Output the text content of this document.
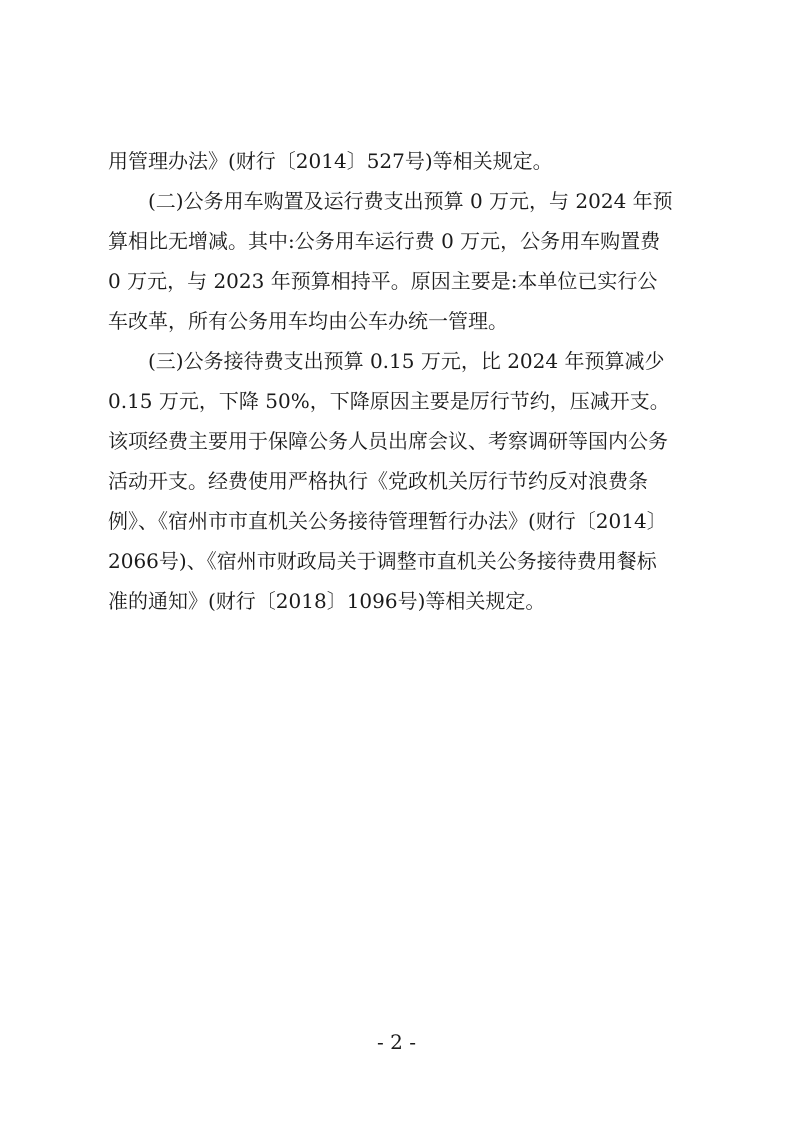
用管理办法》(财行〔2014〕527号)等相关规定。

(二)公务用车购置及运行费支出预算 0 万元，与 2024 年预
算相比无增减。其中:公务用车运行费 0 万元，公务用车购置费
0 万元，与 2023 年预算相持平。原因主要是:本单位已实行公
车改革，所有公务用车均由公车办统一管理。

(三)公务接待费支出预算 0.15 万元，比 2024 年预算减少
0.15 万元，下降 50%，下降原因主要是厉行节约，压减开支。
该项经费主要用于保障公务人员出席会议、考察调研等国内公务
活动开支。经费使用严格执行《党政机关厉行节约反对浪费条
例》、《宿州市市直机关公务接待管理暂行办法》(财行〔2014〕
2066号)、《宿州市财政局关于调整市直机关公务接待费用餐标
准的通知》(财行〔2018〕1096号)等相关规定。

- 2 -
